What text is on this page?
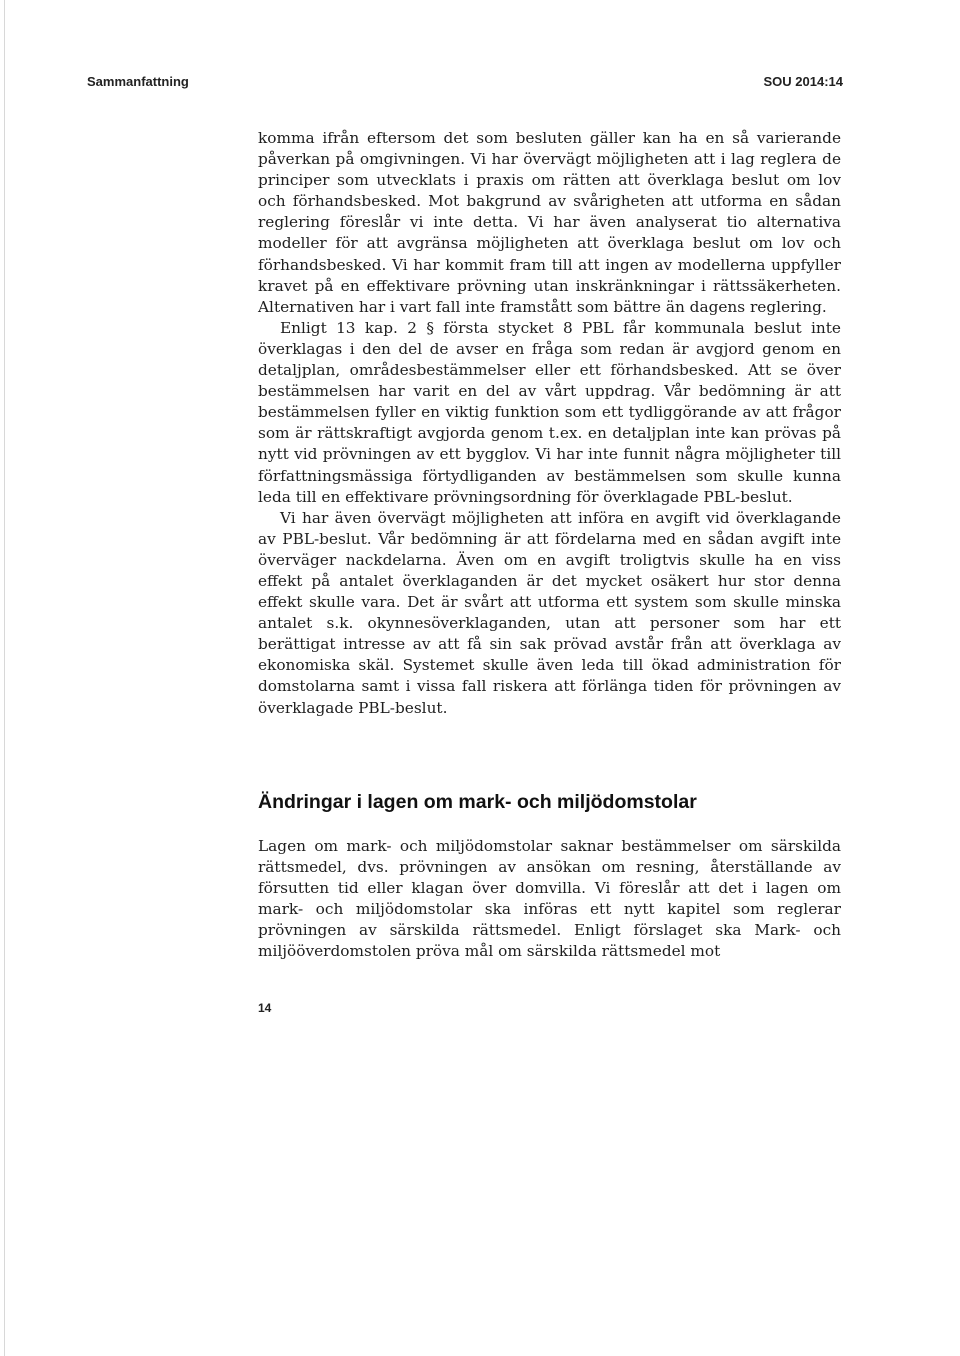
Sammanfattning	SOU 2014:14

komma ifrån eftersom det som besluten gäller kan ha en så varierande påverkan på omgivningen. Vi har övervägt möjligheten att i lag reglera de principer som utvecklats i praxis om rätten att överklaga beslut om lov och förhandsbesked. Mot bakgrund av svårigheten att utforma en sådan reglering föreslår vi inte detta. Vi har även analyserat tio alternativa modeller för att avgränsa möjligheten att överklaga beslut om lov och förhandsbesked. Vi har kommit fram till att ingen av modellerna uppfyller kravet på en effektivare prövning utan inskränkningar i rättssäkerheten. Alternativen har i vart fall inte framstått som bättre än dagens reglering.

Enligt 13 kap. 2 § första stycket 8 PBL får kommunala beslut inte överklagas i den del de avser en fråga som redan är avgjord genom en detaljplan, områdesbestämmelser eller ett förhandsbesked. Att se över bestämmelsen har varit en del av vårt uppdrag. Vår bedömning är att bestämmelsen fyller en viktig funktion som ett tydliggörande av att frågor som är rättskraftigt avgjorda genom t.ex. en detaljplan inte kan prövas på nytt vid prövningen av ett bygglov. Vi har inte funnit några möjligheter till författningsmässiga förtydliganden av bestämmelsen som skulle kunna leda till en effektivare prövningsordning för överklagade PBL-beslut.

Vi har även övervägt möjligheten att införa en avgift vid överklagande av PBL-beslut. Vår bedömning är att fördelarna med en sådan avgift inte överväger nackdelarna. Även om en avgift troligtvis skulle ha en viss effekt på antalet överklaganden är det mycket osäkert hur stor denna effekt skulle vara. Det är svårt att utforma ett system som skulle minska antalet s.k. okynnesöverklaganden, utan att personer som har ett berättigat intresse av att få sin sak prövad avstår från att överklaga av ekonomiska skäl. Systemet skulle även leda till ökad administration för domstolarna samt i vissa fall riskera att förlänga tiden för prövningen av överklagade PBL-beslut.

Ändringar i lagen om mark- och miljödomstolar

Lagen om mark- och miljödomstolar saknar bestämmelser om särskilda rättsmedel, dvs. prövningen av ansökan om resning, återställande av försutten tid eller klagan över domvilla. Vi föreslår att det i lagen om mark- och miljödomstolar ska införas ett nytt kapitel som reglerar prövningen av särskilda rättsmedel. Enligt förslaget ska Mark- och miljööverdomstolen pröva mål om särskilda rättsmedel mot

14
